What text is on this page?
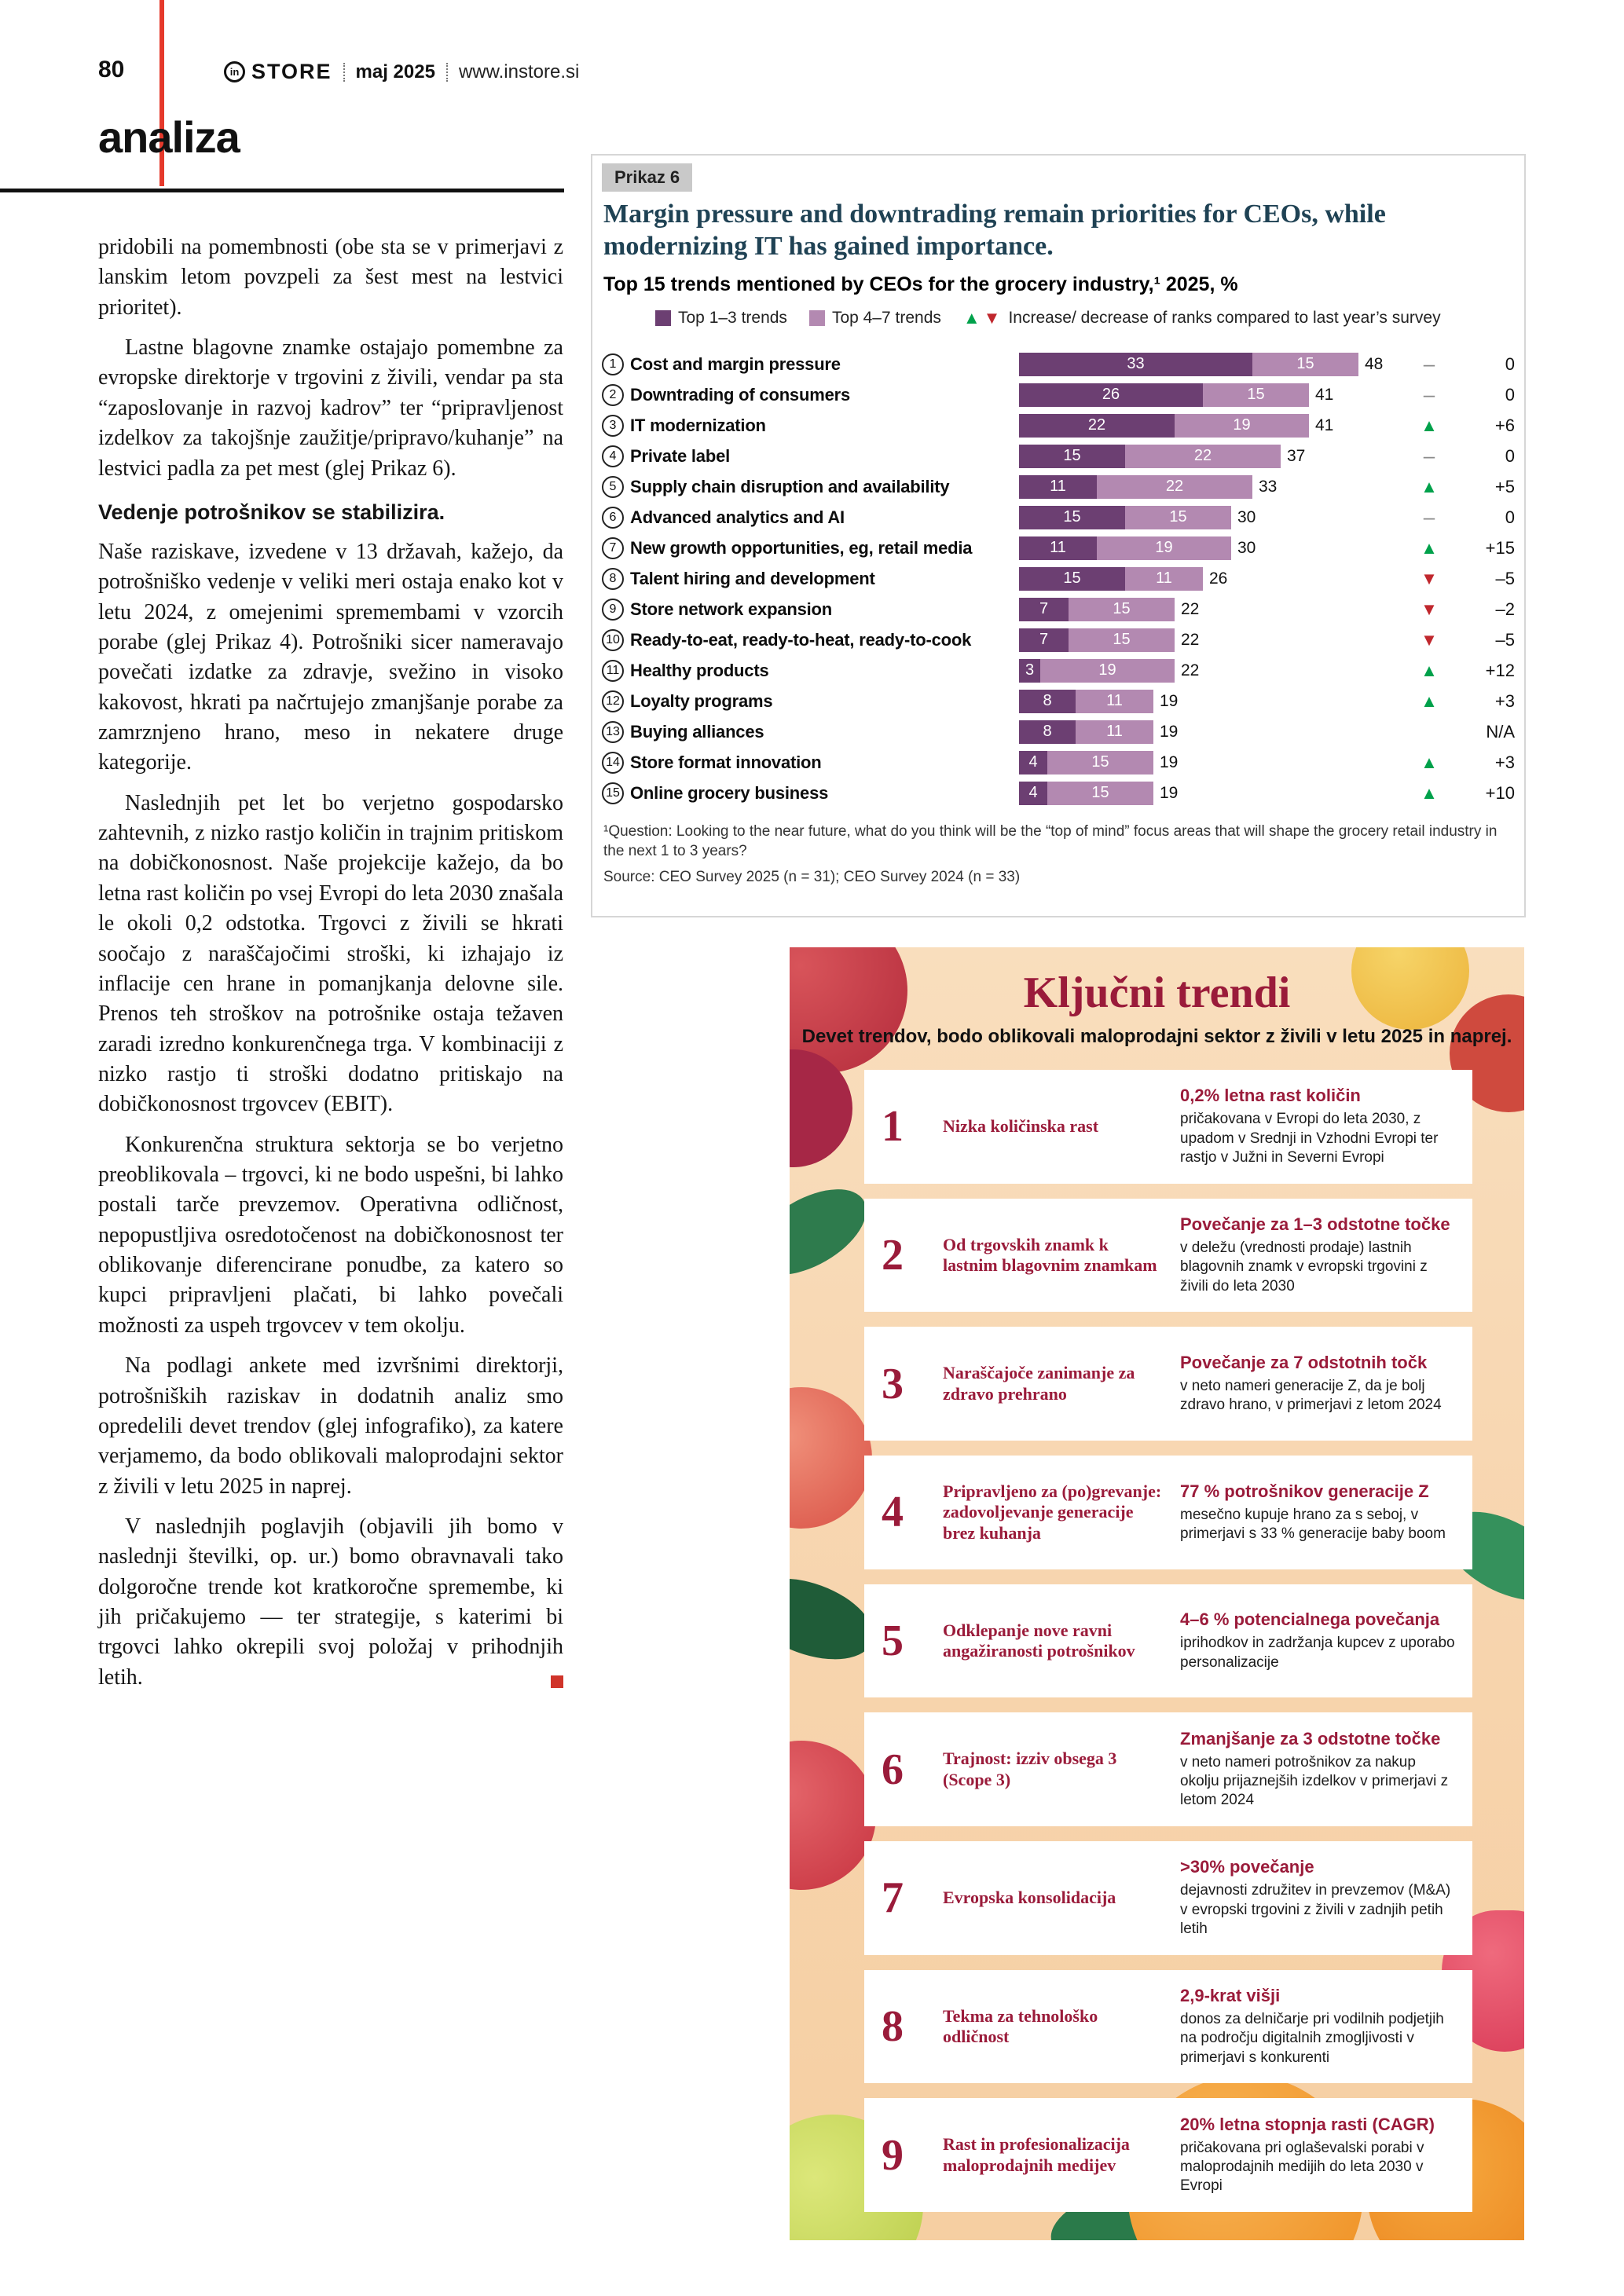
80	in STORE maj 2025 www.instore.si
analiza
pridobili na pomembnosti (obe sta se v primerjavi z lanskim letom povzpeli za šest mest na lestvici prioritet).
Lastne blagovne znamke ostajajo pomembne za evropske direktorje v trgovini z živili, vendar pa sta “zaposlovanje in razvoj kadrov” ter “pripravljenost izdelkov za takojšnje zaužitje/pripravo/kuhanje” na lestvici padla za pet mest (glej Prikaz 6).
Vedenje potrošnikov se stabilizira.
Naše raziskave, izvedene v 13 državah, kažejo, da potrošniško vedenje v veliki meri ostaja enako kot v letu 2024, z omejenimi spremembami v vzorcih porabe (glej Prikaz 4). Potrošniki sicer nameravajo povečati izdatke za zdravje, svežino in visoko kakovost, hkrati pa načrtujejo zmanjšanje porabe za zamrznjeno hrano, meso in nekatere druge kategorije.
Naslednjih pet let bo verjetno gospodarsko zahtevnih, z nizko rastjo količin in trajnim pritiskom na dobičkonosnost. Naše projekcije kažejo, da bo letna rast količin po vsej Evropi do leta 2030 znašala le okoli 0,2 odstotka. Trgovci z živili se hkrati soočajo z naraščajočimi stroški, ki izhajajo iz inflacije cen hrane in pomanjkanja delovne sile. Prenos teh stroškov na potrošnike ostaja težaven zaradi izredno konkurenčnega trga. V kombinaciji z nizko rastjo ti stroški dodatno pritiskajo na dobičkonosnost trgovcev (EBIT).
Konkurenčna struktura sektorja se bo verjetno preoblikovala – trgovci, ki ne bodo uspešni, bi lahko postali tarče prevzemov. Operativna odličnost, nepopustljiva osredotočenost na dobičkonosnost ter oblikovanje diferencirane ponudbe, za katero so kupci pripravljeni plačati, bi lahko povečali možnosti za uspeh trgovcev v tem okolju.
Na podlagi ankete med izvršnimi direktorji, potrošniških raziskav in dodatnih analiz smo opredelili devet trendov (glej infografiko), za katere verjamemo, da bodo oblikovali maloprodajni sektor z živili v letu 2025 in naprej.
V naslednjih poglavjih (objavili jih bomo v naslednji številki, op. ur.) bomo obravnavali tako dolgoročne trende kot kratkoročne spremembe, ki jih pričakujemo — ter strategije, s katerimi bi trgovci lahko okrepili svoj položaj v prihodnjih letih.
Prikaz 6
Margin pressure and downtrading remain priorities for CEOs, while modernizing IT has gained importance.
Top 15 trends mentioned by CEOs for the grocery industry,¹ 2025, %
Top 1–3 trends	Top 4–7 trends ▲ ▼ Increase/ decrease of ranks compared to last year’s survey
1 Cost and margin pressure	33	15	48	–	0
2 Downtrading of consumers	26	15	41	–	0
3 IT modernization	22	19	41	▲	+6
4 Private label	15	22	37	–	0
5 Supply chain disruption and availability	11	22	33	▲	+5
6 Advanced analytics and AI	15	15	30	–	0
7 New growth opportunities, eg, retail media	11	19	30	▲	+15
8 Talent hiring and development	15	11	26	▼	–5
9 Store network expansion	7	15	22	▼	–2
10 Ready-to-eat, ready-to-heat, ready-to-cook	7	15	22	▼	–5
11 Healthy products	3	19	22	▲	+12
12 Loyalty programs	8	11	19	▲	+3
13 Buying alliances	8	11	19	N/A
14 Store format innovation	4	15	19	▲	+3
15 Online grocery business	4	15	19	▲	+10
¹Question: Looking to the near future, what do you think will be the “top of mind” focus areas that will shape the grocery retail industry in the next 1 to 3 years?
Source: CEO Survey 2025 (n = 31); CEO Survey 2024 (n = 33)
Ključni trendi
Devet trendov, bodo oblikovali maloprodajni sektor z živili v letu 2025 in naprej.
1	Nizka količinska rast
0,2% letna rast količin
pričakovana v Evropi do leta 2030, z upadom v Srednji in Vzhodni Evropi ter rastjo v Južni in Severni Evropi
2	Od trgovskih znamk k lastnim blagovnim znamkam
Povečanje za 1–3 odstotne točke
v deležu (vrednosti prodaje) lastnih blagovnih znamk v evropski trgovini z živili do leta 2030
3	Naraščajoče zanimanje za zdravo prehrano
Povečanje za 7 odstotnih točk
v neto nameri generacije Z, da je bolj zdravo hrano, v primerjavi z letom 2024
4	Pripravljeno za (po)grevanje: zadovoljevanje generacije brez kuhanja
77 % potrošnikov generacije Z
mesečno kupuje hrano za s seboj, v primerjavi s 33 % generacije baby boom
5	Odklepanje nove ravni angažiranosti potrošnikov
4–6 % potencialnega povečanja
iprihodkov in zadržanja kupcev z uporabo personalizacije
6	Trajnost: izziv obsega 3 (Scope 3)
Zmanjšanje za 3 odstotne točke
v neto nameri potrošnikov za nakup okolju prijaznejših izdelkov v primerjavi z letom 2024
7	Evropska konsolidacija
>30% povečanje
dejavnosti združitev in prevzemov (M&A) v evropski trgovini z živili v zadnjih petih letih
8	Tekma za tehnološko odličnost
2,9-krat višji
donos za delničarje pri vodilnih podjetjih na področju digitalnih zmogljivosti v primerjavi s konkurenti
9	Rast in profesionalizacija maloprodajnih medijev
20% letna stopnja rasti (CAGR)
pričakovana pri oglaševalski porabi v maloprodajnih medijih do leta 2030 v Evropi
